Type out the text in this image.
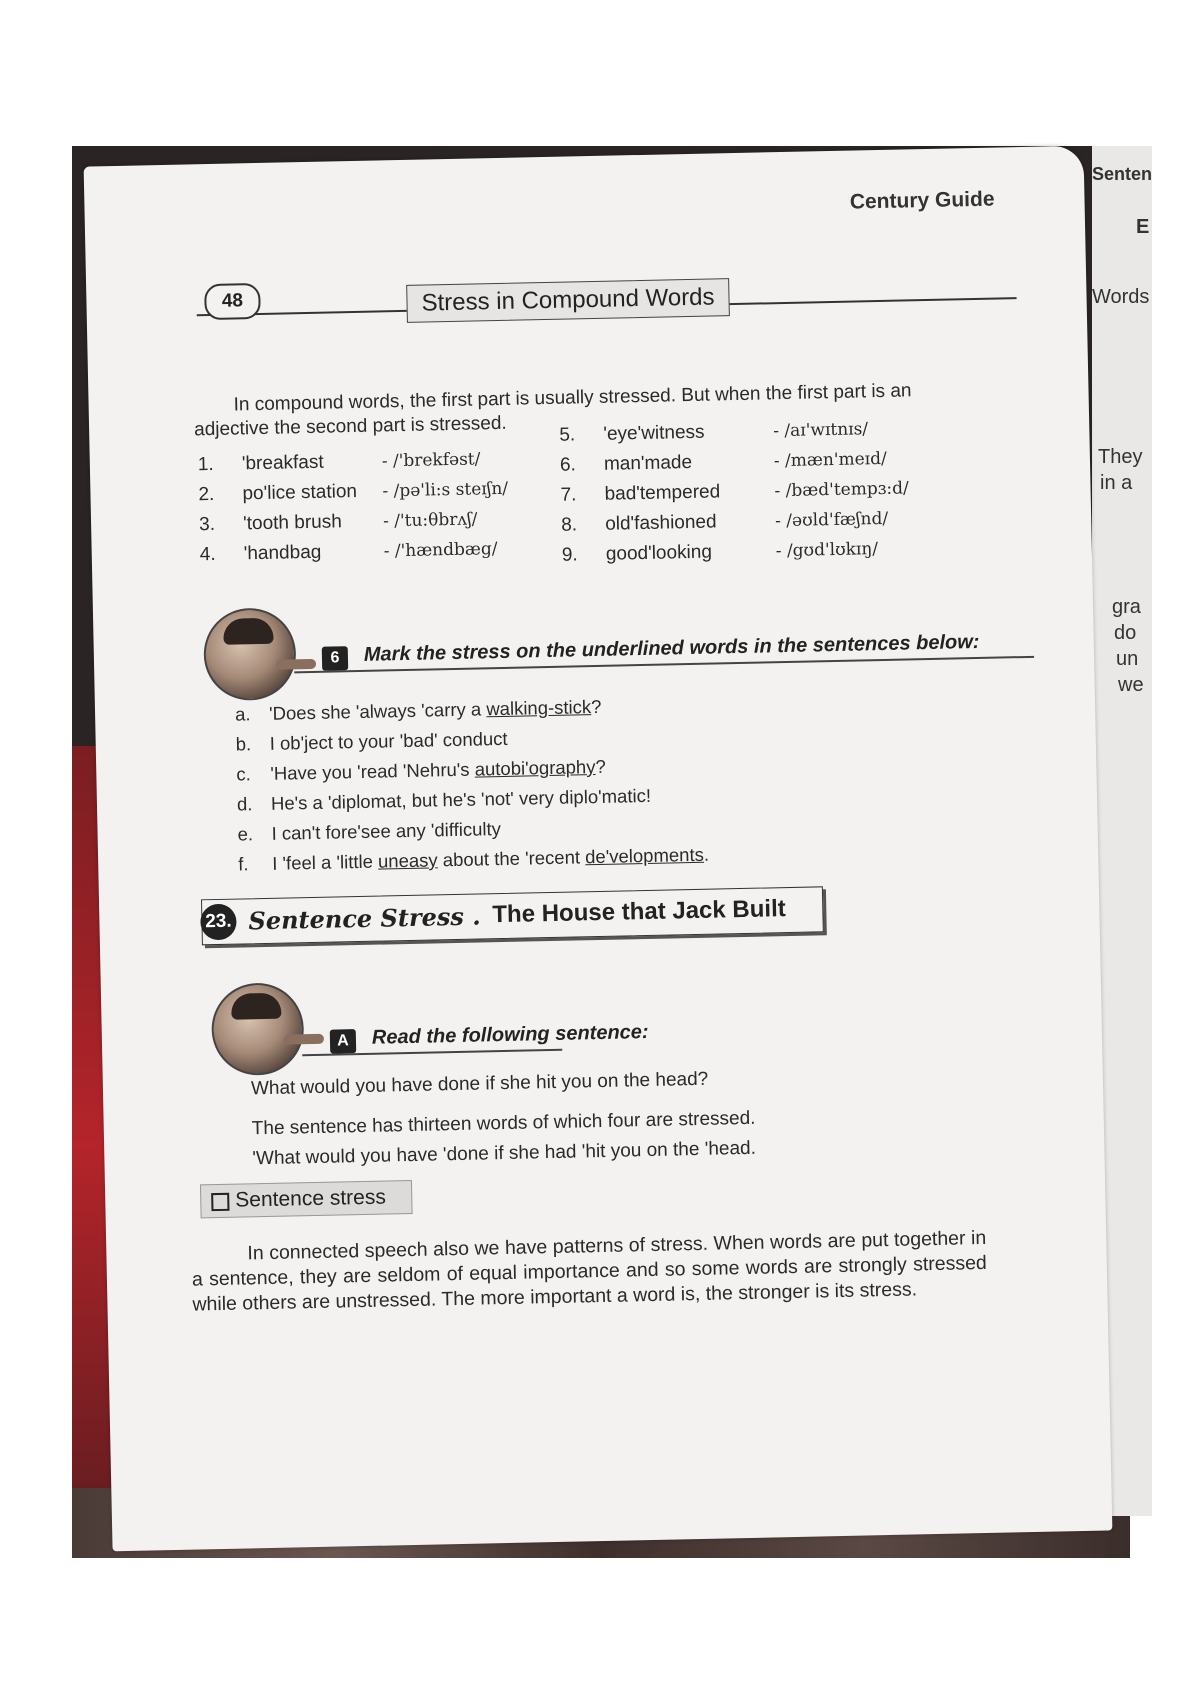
Senten
E
Words
They
in a
gra
do
un
we
Century Guide
48	Stress in Compound Words

In compound words, the first part is usually stressed. But when the first part is an

adjective the second part is stressed.

1. 'breakfast	- /'brekfəst/
2. po'lice station - /pə'li:s steɪʃn/
3. 'tooth brush - /'tu:θbrʌʃ/
4. 'handbag	- /'hændbæg/
5. 'eye'witness	- /aɪ'wɪtnɪs/
6. man'made	- /mæn'meɪd/
7. bad'tempered	- /bæd'tempɜ:d/
8. old'fashioned	- /əʊld'fæʃnd/
9. good'looking	- /gʊd'lʊkɪŋ/
6	Mark the stress on the underlined words in the sentences below:
a. 'Does she 'always 'carry a walking-stick?
b. I ob'ject to your 'bad' conduct
c. 'Have you 'read 'Nehru's autobi'ography?
d. He's a 'diplomat, but he's 'not' very diplo'matic!
e. I can't fore'see any 'difficulty
f. I 'feel a 'little uneasy about the 'recent de'velopments.
23. Sentence Stress . The House that Jack Built
A	Read the following sentence:
What would you have done if she hit you on the head?
The sentence has thirteen words of which four are stressed.
'What would you have 'done if she had 'hit you on the 'head.
Sentence stress

In connected speech also we have patterns of stress. When words are put together in a sentence, they are seldom of equal importance and so some words are strongly stressed while others are unstressed. The more important a word is, the stronger is its stress.
